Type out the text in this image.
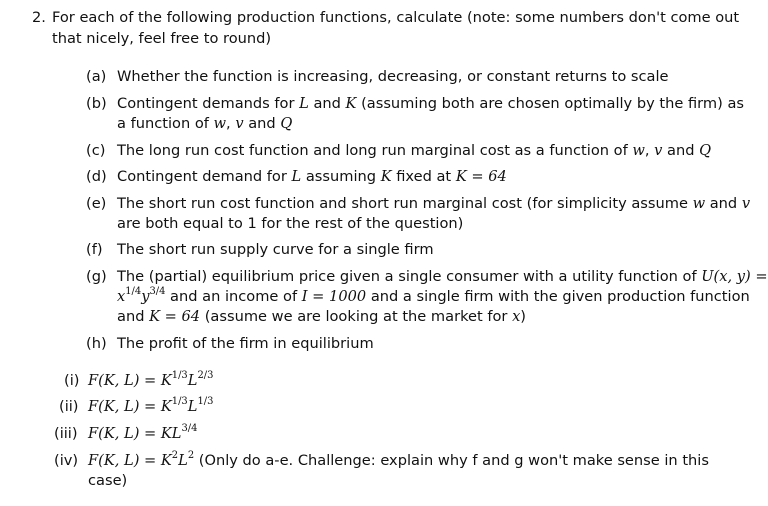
2. For each of the following production functions, calculate (note: some numbers don't come out
that nicely, feel free to round)
(a) Whether the function is increasing, decreasing, or constant returns to scale
(b) Contingent demands for L and K (assuming both are chosen optimally by the firm) as
a function of w, v and Q
(c) The long run cost function and long run marginal cost as a function of w, v and Q
(d) Contingent demand for L assuming K fixed at K = 64
(e) The short run cost function and short run marginal cost (for simplicity assume w and v
are both equal to 1 for the rest of the question)
(f) The short run supply curve for a single firm
(g) The (partial) equilibrium price given a single consumer with a utility function of U(x, y) =
$x^{1/4}y^{3/4}$ and an income of I = 1000 and a single firm with the given production function
and K = 64 (assume we are looking at the market for x)
(h) The profit of the firm in equilibrium
(i) F(K, $L) = K^{1/3}L^{2/3}$
(ii) F(K, $L) = K^{1/3}L^{1/3}$
(iii) F(K, $L) = KL^{3/4}$
(iv) F(K, $L) = K^2L^2$ (Only do a-e. Challenge: explain why f and g won't make sense in this
case)
